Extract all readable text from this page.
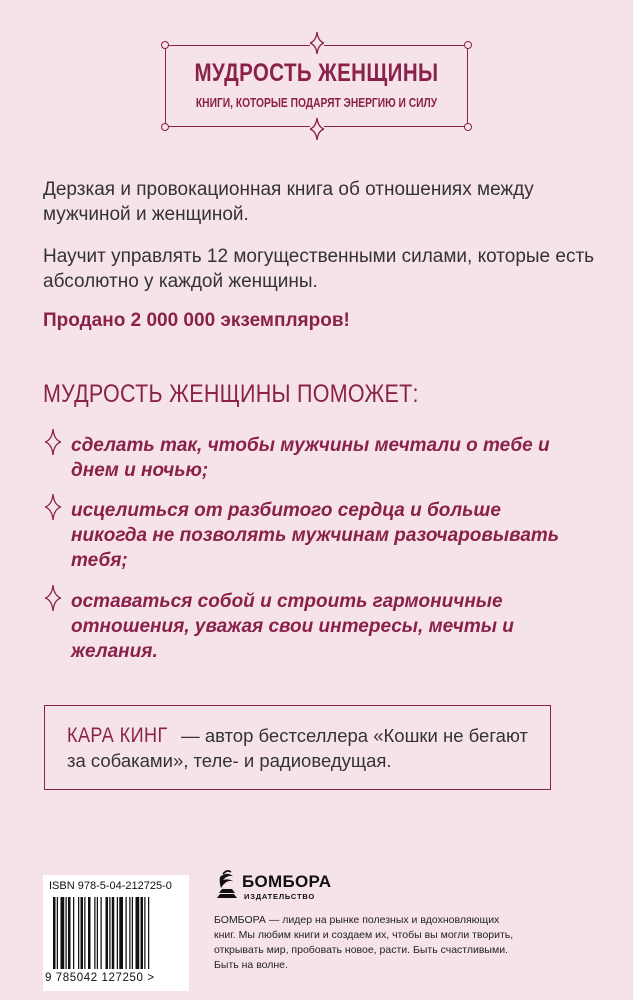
МУДРОСТЬ ЖЕНЩИНЫ
КНИГИ, КОТОРЫЕ ПОДАРЯТ ЭНЕРГИЮ И СИЛУ

Дерзкая и провокационная книга об отношениях между мужчиной и женщиной.

Научит управлять 12 могущественными силами, которые есть абсолютно у каждой женщины.

Продано 2 000 000 экземпляров!

МУДРОСТЬ ЖЕНЩИНЫ ПОМОЖЕТ:

сделать так, чтобы мужчины мечтали о тебе и днем и ночью;

исцелиться от разбитого сердца и больше никогда не позволять мужчинам разочаровывать тебя;

оставаться собой и строить гармоничные отношения, уважая свои интересы, мечты и желания.

КАРА КИНГ — автор бестселлера «Кошки не бегают за собаками», теле- и радиоведущая.

ISBN 978-5-04-212725-0
9 785042 127250 >
БОМБОРА
ИЗДАТЕЛЬСТВО

БОМБОРА — лидер на рынке полезных и вдохновляющих книг. Мы любим книги и создаем их, чтобы вы могли творить, открывать мир, пробовать новое, расти. Быть счастливыми. Быть на волне.
